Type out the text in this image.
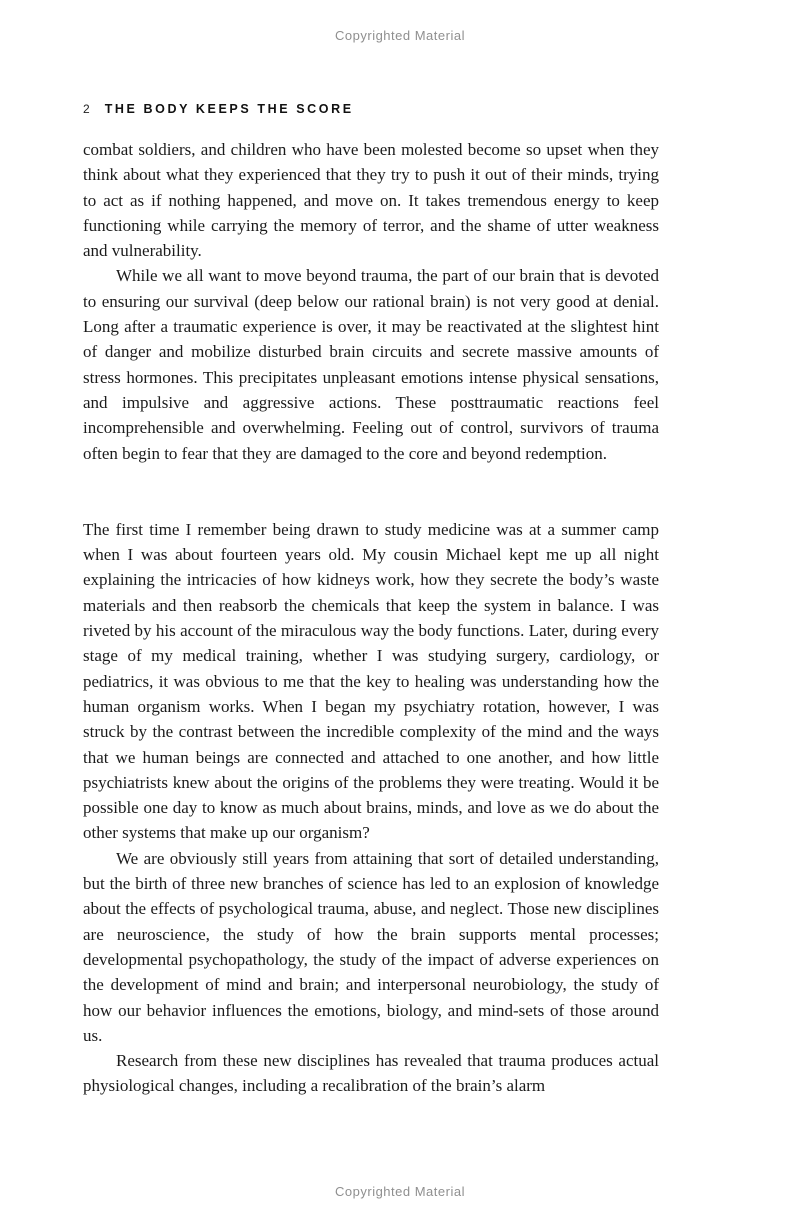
Copyrighted Material
2 THE BODY KEEPS THE SCORE

combat soldiers, and children who have been molested become so upset when they think about what they experienced that they try to push it out of their minds, trying to act as if nothing happened, and move on. It takes tremendous energy to keep functioning while carrying the memory of terror, and the shame of utter weakness and vulnerability.

While we all want to move beyond trauma, the part of our brain that is devoted to ensuring our survival (deep below our rational brain) is not very good at denial. Long after a traumatic experience is over, it may be reactivated at the slightest hint of danger and mobilize disturbed brain circuits and secrete massive amounts of stress hormones. This precipitates unpleasant emotions intense physical sensations, and impulsive and aggressive actions. These posttraumatic reactions feel incomprehensible and overwhelming. Feeling out of control, survivors of trauma often begin to fear that they are damaged to the core and beyond redemption.

The first time I remember being drawn to study medicine was at a summer camp when I was about fourteen years old. My cousin Michael kept me up all night explaining the intricacies of how kidneys work, how they secrete the body’s waste materials and then reabsorb the chemicals that keep the system in balance. I was riveted by his account of the miraculous way the body functions. Later, during every stage of my medical training, whether I was studying surgery, cardiology, or pediatrics, it was obvious to me that the key to healing was understanding how the human organism works. When I began my psychiatry rotation, however, I was struck by the contrast between the incredible complexity of the mind and the ways that we human beings are connected and attached to one another, and how little psychiatrists knew about the origins of the problems they were treating. Would it be possible one day to know as much about brains, minds, and love as we do about the other systems that make up our organism?

We are obviously still years from attaining that sort of detailed understanding, but the birth of three new branches of science has led to an explosion of knowledge about the effects of psychological trauma, abuse, and neglect. Those new disciplines are neuroscience, the study of how the brain supports mental processes; developmental psychopathology, the study of the impact of adverse experiences on the development of mind and brain; and interpersonal neurobiology, the study of how our behavior influences the emotions, biology, and mind-sets of those around us.

Research from these new disciplines has revealed that trauma produces actual physiological changes, including a recalibration of the brain’s alarm

Copyrighted Material
